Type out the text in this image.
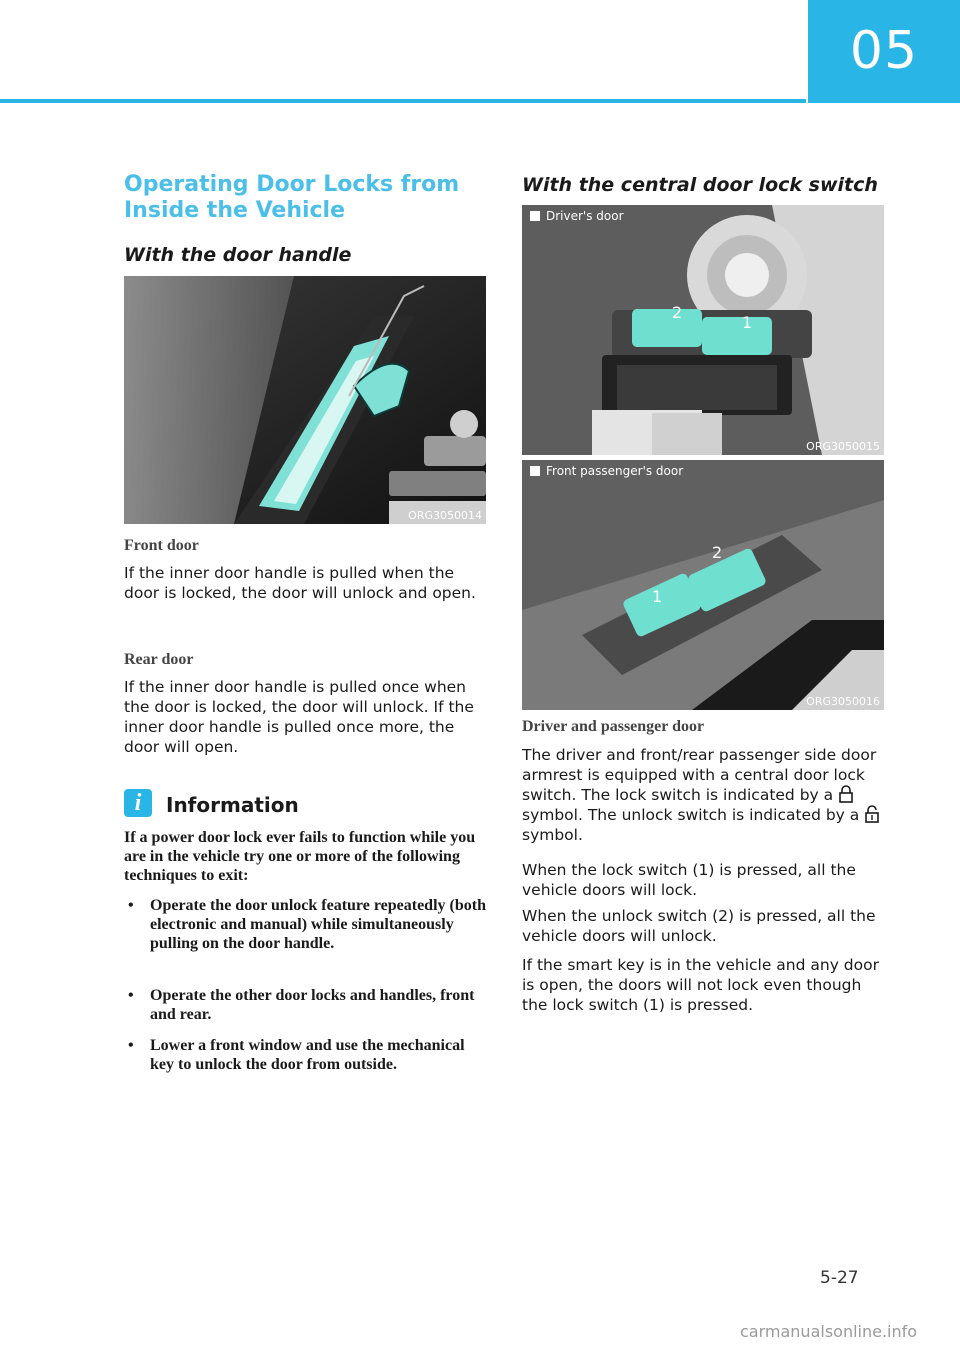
05
Operating Door Locks from Inside the Vehicle
With the door handle
ORG3050014
Front door
If the inner door handle is pulled when the door is locked, the door will unlock and open.
Rear door
If the inner door handle is pulled once when the door is locked, the door will unlock. If the inner door handle is pulled once more, the door will open.
i	Information
If a power door lock ever fails to function while you are in the vehicle try one or more of the following techniques to exit:
• Operate the door unlock feature repeatedly (both electronic and manual) while simultaneously pulling on the door handle.
• Operate the other door locks and handles, front and rear.
• Lower a front window and use the mechanical key to unlock the door from outside.
With the central door lock switch
2
1
Driver's door
ORG3050015
1
2
Front passenger's door
ORG3050016
Driver and passenger door
The driver and front/rear passenger side door armrest is equipped with a central door lock switch. The lock switch is indicated by a  symbol. The unlock switch is indicated by a  symbol.
When the lock switch (1) is pressed, all the vehicle doors will lock.
When the unlock switch (2) is pressed, all the vehicle doors will unlock.
If the smart key is in the vehicle and any door is open, the doors will not lock even though the lock switch (1) is pressed.
5-27
carmanualsonline.info
